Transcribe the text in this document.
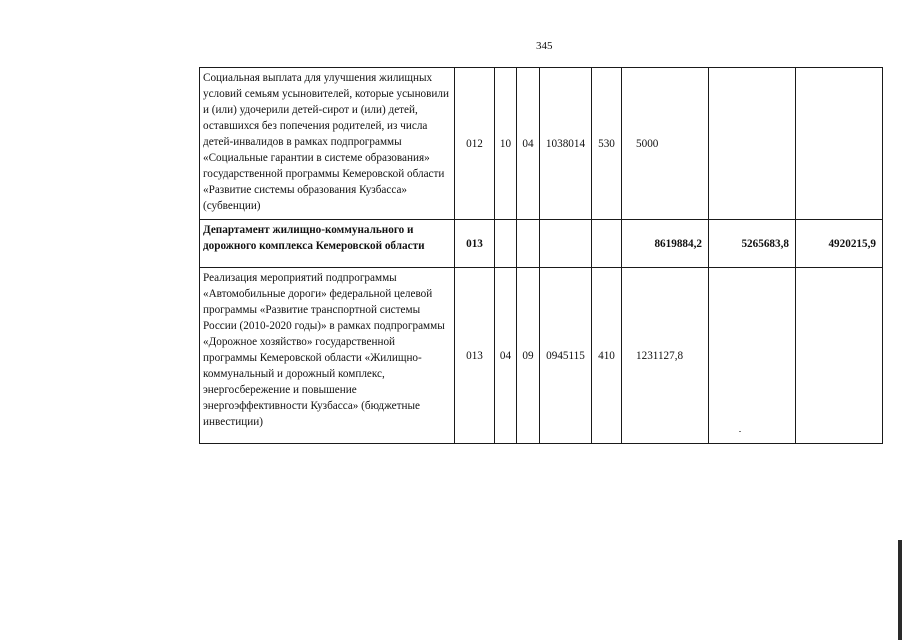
345
Социальная выплата для улучшения жилищных условий семьям усыновителей, которые усыновили и (или) удочерили детей-сирот и (или) детей, оставшихся без попечения родителей, из числа детей-инвалидов в рамках подпрограммы «Социальные гарантии в системе образования» государственной программы Кемеровской области «Развитие системы образования Кузбасса» (субвенции)	012	10	04	1038014	530	5000		
Департамент жилищно-коммунального и дорожного комплекса Кемеровской области	013					8619884,2	5265683,8	4920215,9
Реализация мероприятий подпрограммы «Автомобильные дороги» федеральной целевой программы «Развитие транспортной системы России (2010-2020 годы)» в рамках подпрограммы «Дорожное хозяйство» государственной программы Кемеровской области «Жилищно-коммунальный и дорожный комплекс, энергосбережение и повышение энергоэффективности Кузбасса» (бюджетные инвестиции)	013	04	09	0945115	410	1231127,8		
